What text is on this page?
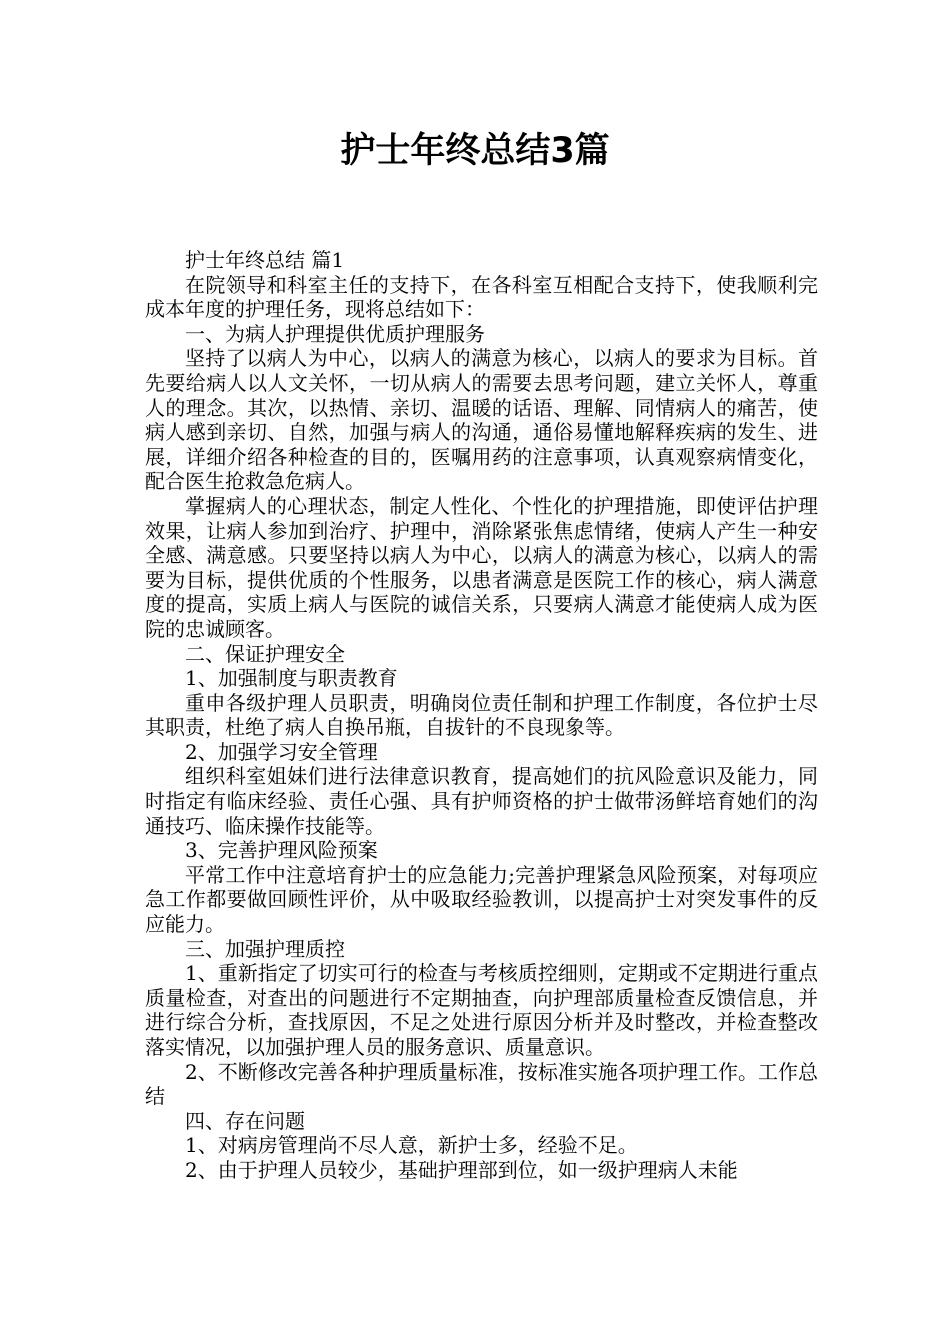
护士年终总结3篇

护士年终总结 篇1

在院领导和科室主任的支持下，在各科室互相配合支持下，使我顺利完成本年度的护理任务，现将总结如下：

一、为病人护理提供优质护理服务

坚持了以病人为中心，以病人的满意为核心，以病人的要求为目标。首先要给病人以人文关怀，一切从病人的需要去思考问题，建立关怀人，尊重人的理念。其次，以热情、亲切、温暖的话语、理解、同情病人的痛苦，使病人感到亲切、自然，加强与病人的沟通，通俗易懂地解释疾病的发生、进展，详细介绍各种检查的目的，医嘱用药的注意事项，认真观察病情变化，配合医生抢救急危病人。

掌握病人的心理状态，制定人性化、个性化的护理措施，即使评估护理效果，让病人参加到治疗、护理中，消除紧张焦虑情绪，使病人产生一种安全感、满意感。只要坚持以病人为中心，以病人的满意为核心，以病人的需要为目标，提供优质的个性服务，以患者满意是医院工作的核心，病人满意度的提高，实质上病人与医院的诚信关系，只要病人满意才能使病人成为医院的忠诚顾客。

二、保证护理安全

1、加强制度与职责教育

重申各级护理人员职责，明确岗位责任制和护理工作制度，各位护士尽其职责，杜绝了病人自换吊瓶，自拔针的不良现象等。

2、加强学习安全管理

组织科室姐妹们进行法律意识教育，提高她们的抗风险意识及能力，同时指定有临床经验、责任心强、具有护师资格的护士做带汤鲜培育她们的沟通技巧、临床操作技能等。

3、完善护理风险预案

平常工作中注意培育护士的应急能力;完善护理紧急风险预案，对每项应急工作都要做回顾性评价，从中吸取经验教训，以提高护士对突发事件的反应能力。

三、加强护理质控

1、重新指定了切实可行的检查与考核质控细则，定期或不定期进行重点质量检查，对查出的问题进行不定期抽查，向护理部质量检查反馈信息，并进行综合分析，查找原因，不足之处进行原因分析并及时整改，并检查整改落实情况，以加强护理人员的服务意识、质量意识。

2、不断修改完善各种护理质量标准，按标准实施各项护理工作。工作总结

四、存在问题

1、对病房管理尚不尽人意，新护士多，经验不足。

2、由于护理人员较少，基础护理部到位，如一级护理病人未能
